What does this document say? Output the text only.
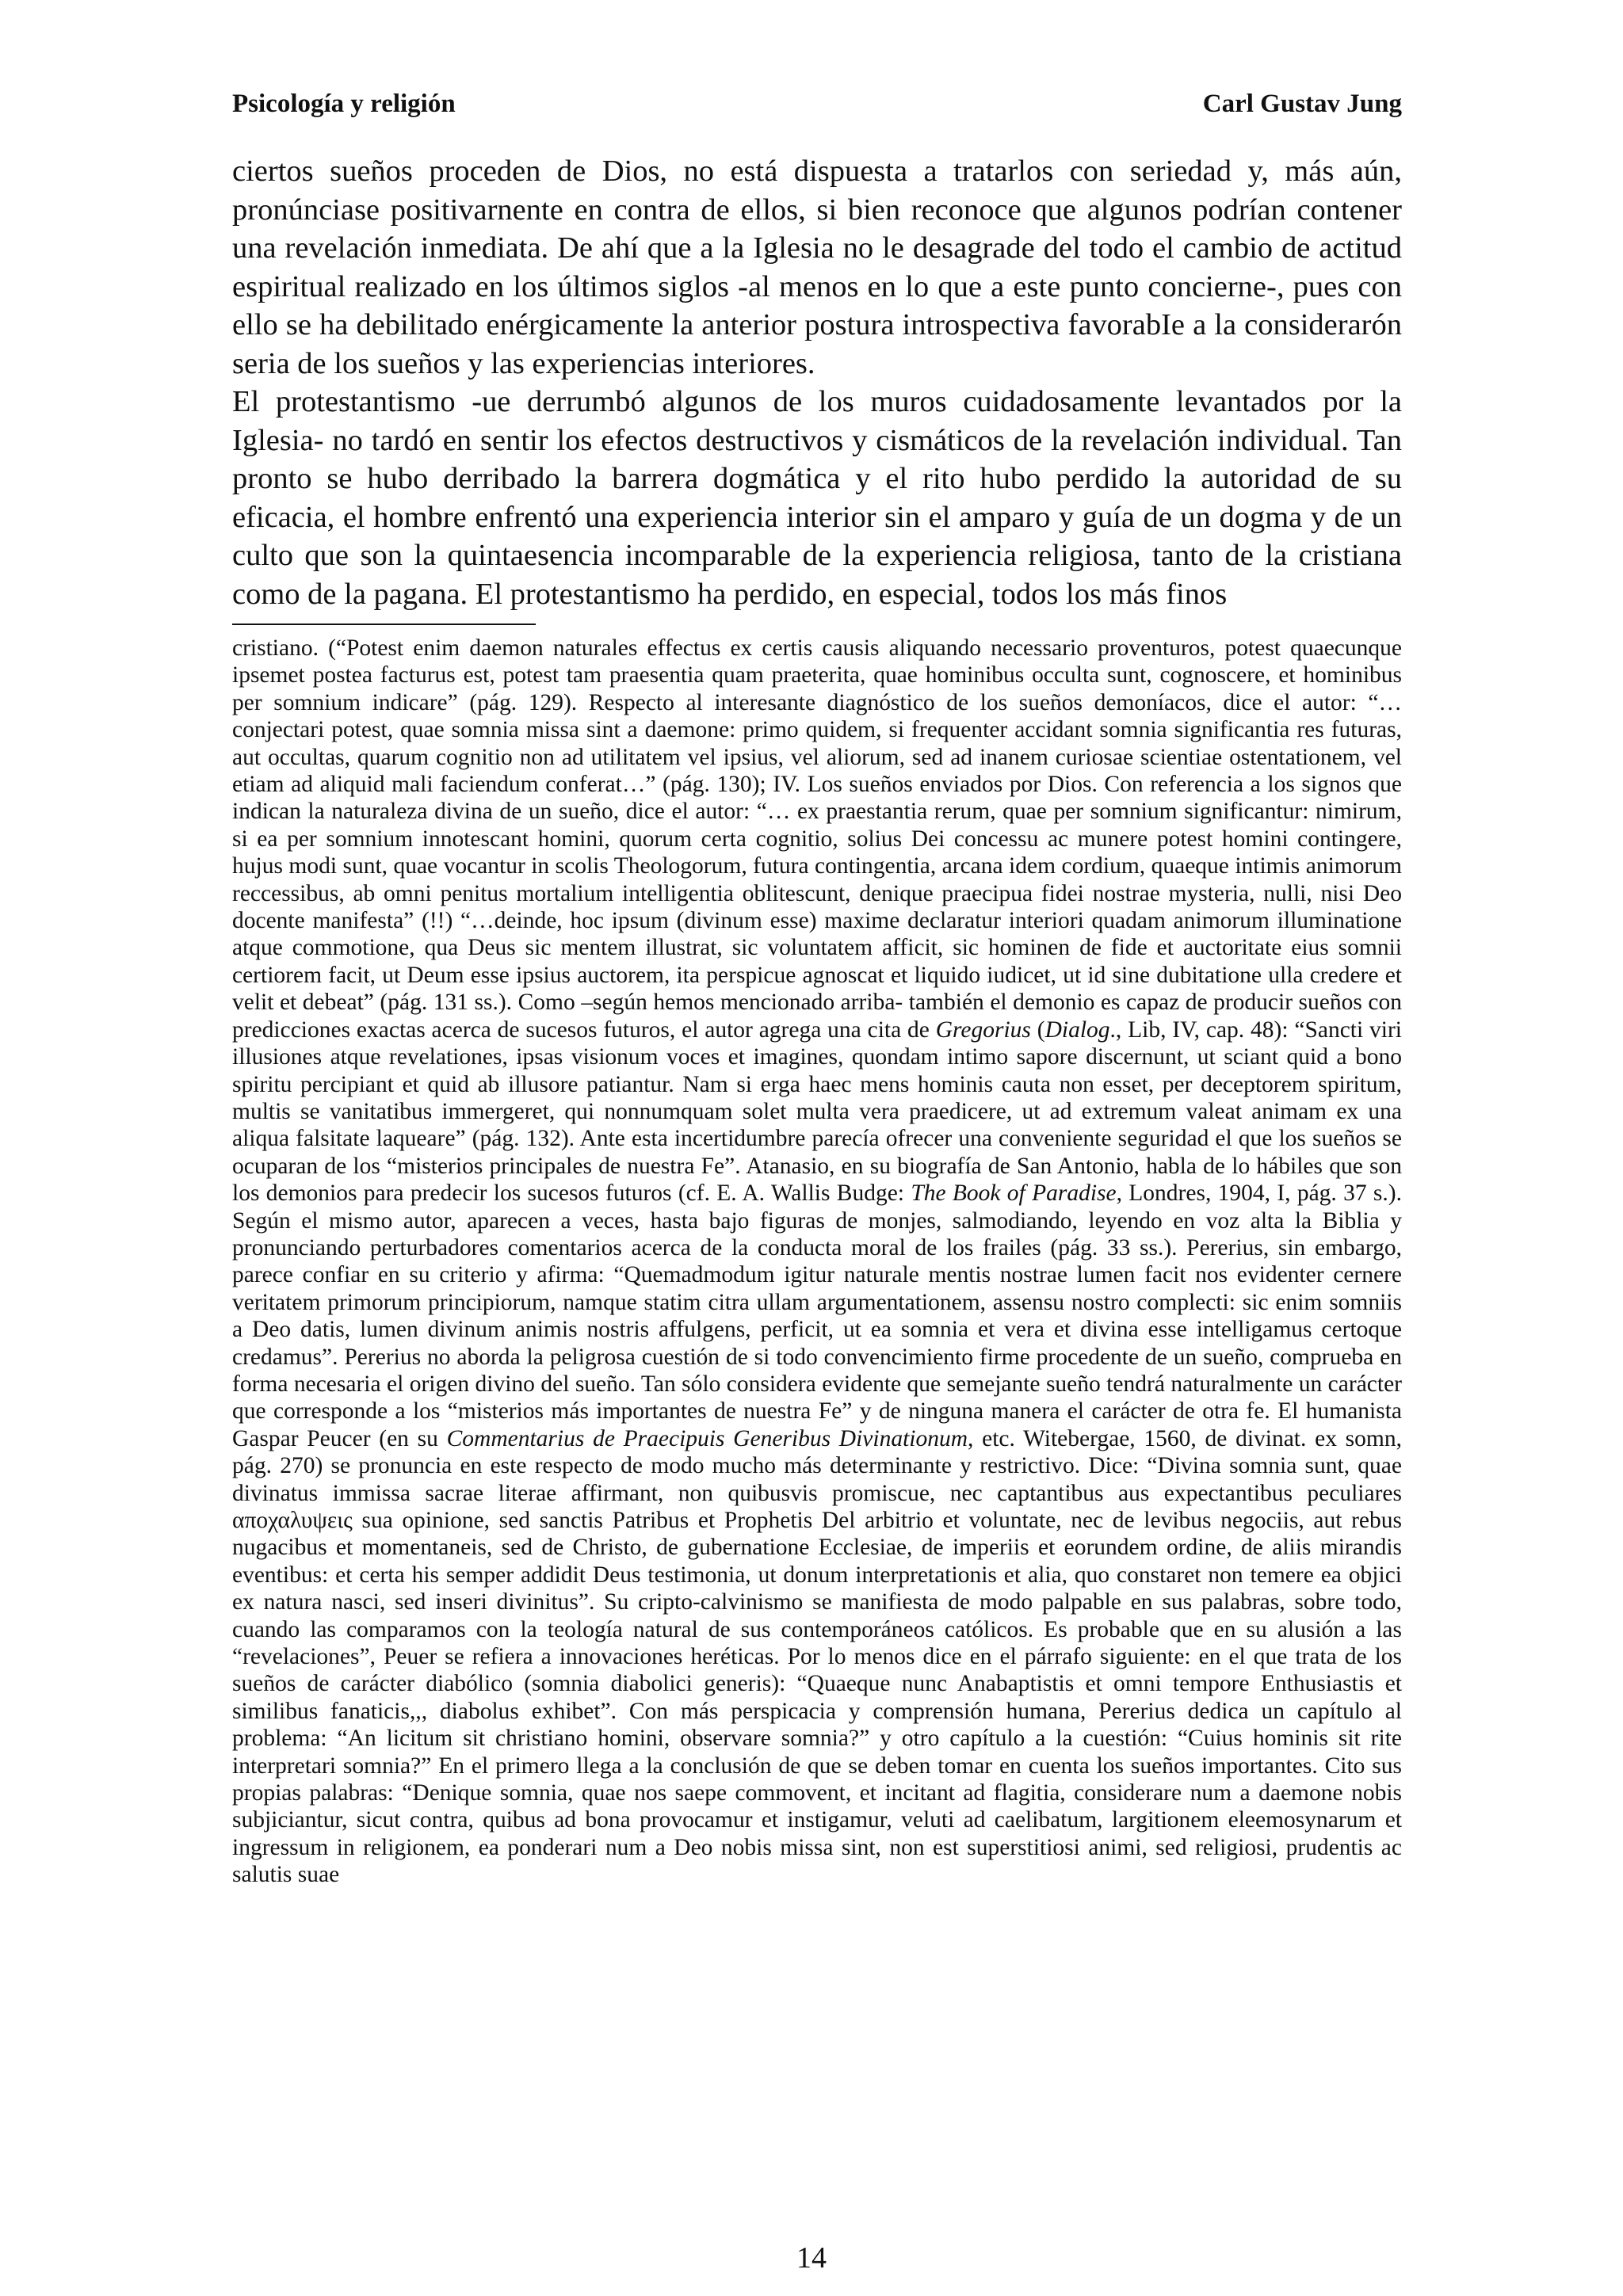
Psicología y religión	Carl Gustav Jung

ciertos sueños proceden de Dios, no está dispuesta a tratarlos con seriedad y, más aún, pronúnciase positivarnente en contra de ellos, si bien reconoce que algunos podrían contener una revelación inmediata. De ahí que a la Iglesia no le desagrade del todo el cambio de actitud espiritual realizado en los últimos siglos -al menos en lo que a este punto concierne-, pues con ello se ha debilitado enérgicamente la anterior postura introspectiva favorabIe a la considerarón seria de los sueños y las experiencias interiores.

El protestantismo -ue derrumbó algunos de los muros cuidadosamente levantados por la Iglesia- no tardó en sentir los efectos destructivos y cismáticos de la revelación individual. Tan pronto se hubo derribado la barrera dogmática y el rito hubo perdido la autoridad de su eficacia, el hombre enfrentó una experiencia interior sin el amparo y guía de un dogma y de un culto que son la quintaesencia incomparable de la experiencia religiosa, tanto de la cristiana como de la pagana. El protestantismo ha perdido, en especial, todos los más finos

cristiano. (“Potest enim daemon naturales effectus ex certis causis aliquando necessario proventuros, potest quaecunque ipsemet postea facturus est, potest tam praesentia quam praeterita, quae hominibus occulta sunt, cognoscere, et hominibus per somnium indicare” (pág. 129). Respecto al interesante diagnóstico de los sueños demoníacos, dice el autor: “… conjectari potest, quae somnia missa sint a daemone: primo quidem, si frequenter accidant somnia significantia res futuras, aut occultas, quarum cognitio non ad utilitatem vel ipsius, vel aliorum, sed ad inanem curiosae scientiae ostentationem, vel etiam ad aliquid mali faciendum conferat…” (pág. 130); IV. Los sueños enviados por Dios. Con referencia a los signos que indican la naturaleza divina de un sueño, dice el autor: “… ex praestantia rerum, quae per somnium significantur: nimirum, si ea per somnium innotescant homini, quorum certa cognitio, solius Dei concessu ac munere potest homini contingere, hujus modi sunt, quae vocantur in scolis Theologorum, futura contingentia, arcana idem cordium, quaeque intimis animorum reccessibus, ab omni penitus mortalium intelligentia oblitescunt, denique praecipua fidei nostrae mysteria, nulli, nisi Deo docente manifesta” (!!) “…deinde, hoc ipsum (divinum esse) maxime declaratur interiori quadam animorum illuminatione atque commotione, qua Deus sic mentem illustrat, sic voluntatem afficit, sic hominen de fide et auctoritate eius somnii certiorem facit, ut Deum esse ipsius auctorem, ita perspicue agnoscat et liquido iudicet, ut id sine dubitatione ulla credere et velit et debeat” (pág. 131 ss.). Como –según hemos mencionado arriba- también el demonio es capaz de producir sueños con predicciones exactas acerca de sucesos futuros, el autor agrega una cita de Gregorius (Dialog., Lib, IV, cap. 48): “Sancti viri illusiones atque revelationes, ipsas visionum voces et imagines, quondam intimo sapore discernunt, ut sciant quid a bono spiritu percipiant et quid ab illusore patiantur. Nam si erga haec mens hominis cauta non esset, per deceptorem spiritum, multis se vanitatibus immergeret, qui nonnumquam solet multa vera praedicere, ut ad extremum valeat animam ex una aliqua falsitate laqueare” (pág. 132). Ante esta incertidumbre parecía ofrecer una conveniente seguridad el que los sueños se ocuparan de los “misterios principales de nuestra Fe”. Atanasio, en su biografía de San Antonio, habla de lo hábiles que son los demonios para predecir los sucesos futuros (cf. E. A. Wallis Budge: The Book of Paradise, Londres, 1904, I, pág. 37 s.). Según el mismo autor, aparecen a veces, hasta bajo figuras de monjes, salmodiando, leyendo en voz alta la Biblia y pronunciando perturbadores comentarios acerca de la conducta moral de los frailes (pág. 33 ss.). Pererius, sin embargo, parece confiar en su criterio y afirma: “Quemadmodum igitur naturale mentis nostrae lumen facit nos evidenter cernere veritatem primorum principiorum, namque statim citra ullam argumentationem, assensu nostro complecti: sic enim somniis a Deo datis, lumen divinum animis nostris affulgens, perficit, ut ea somnia et vera et divina esse intelligamus certoque credamus”. Pererius no aborda la peligrosa cuestión de si todo convencimiento firme procedente de un sueño, comprueba en forma necesaria el origen divino del sueño. Tan sólo considera evidente que semejante sueño tendrá naturalmente un carácter que corresponde a los “misterios más importantes de nuestra Fe” y de ninguna manera el carácter de otra fe. El humanista Gaspar Peucer (en su Commentarius de Praecipuis Generibus Divinationum, etc. Witebergae, 1560, de divinat. ex somn, pág. 270) se pronuncia en este respecto de modo mucho más determinante y restrictivo. Dice: “Divina somnia sunt, quae divinatus immissa sacrae literae affirmant, non quibusvis promiscue, nec captantibus aus expectantibus peculiares αποχαλυψεις sua opinione, sed sanctis Patribus et Prophetis Del arbitrio et voluntate, nec de levibus negociis, aut rebus nugacibus et momentaneis, sed de Christo, de gubernatione Ecclesiae, de imperiis et eorundem ordine, de aliis mirandis eventibus: et certa his semper addidit Deus testimonia, ut donum interpretationis et alia, quo constaret non temere ea objici ex natura nasci, sed inseri divinitus”. Su cripto-calvinismo se manifiesta de modo palpable en sus palabras, sobre todo, cuando las comparamos con la teología natural de sus contemporáneos católicos. Es probable que en su alusión a las “revelaciones”, Peuer se refiera a innovaciones heréticas. Por lo menos dice en el párrafo siguiente: en el que trata de los sueños de carácter diabólico (somnia diabolici generis): “Quaeque nunc Anabaptistis et omni tempore Enthusiastis et similibus fanaticis,,, diabolus exhibet”. Con más perspicacia y comprensión humana, Pererius dedica un capítulo al problema: “An licitum sit christiano homini, observare somnia?” y otro capítulo a la cuestión: “Cuius hominis sit rite interpretari somnia?” En el primero llega a la conclusión de que se deben tomar en cuenta los sueños importantes. Cito sus propias palabras: “Denique somnia, quae nos saepe commovent, et incitant ad flagitia, considerare num a daemone nobis subjiciantur, sicut contra, quibus ad bona provocamur et instigamur, veluti ad caelibatum, largitionem eleemosynarum et ingressum in religionem, ea ponderari num a Deo nobis missa sint, non est superstitiosi animi, sed religiosi, prudentis ac salutis suae

14
